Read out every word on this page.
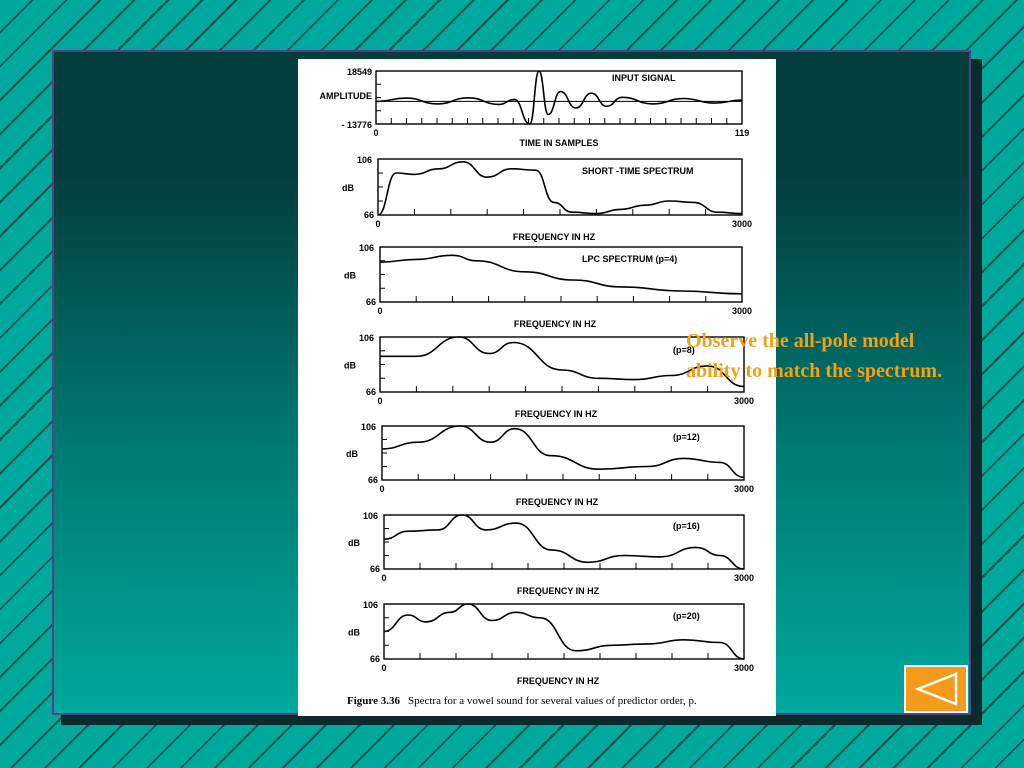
INPUT SIGNAL
18549
AMPLITUDE
- 13776
0	119
TIME IN SAMPLES
SHORT -TIME SPECTRUM
106
dB
66
0	3000
FREQUENCY IN HZ
LPC SPECTRUM (p=4)
106
dB
66
0	3000
FREQUENCY IN HZ
(p=8)
106
dB
66
0	3000
FREQUENCY IN HZ
(p=12)
106
dB
66
0	3000
FREQUENCY IN HZ
(p=16)
106
dB
66
0	3000
FREQUENCY IN HZ
(p=20)
106
dB
66
0	3000
FREQUENCY IN HZ
Figure 3.36 Spectra for a vowel sound for several values of predictor order, p.
Observe the all-pole model
ability to match the spectrum.
